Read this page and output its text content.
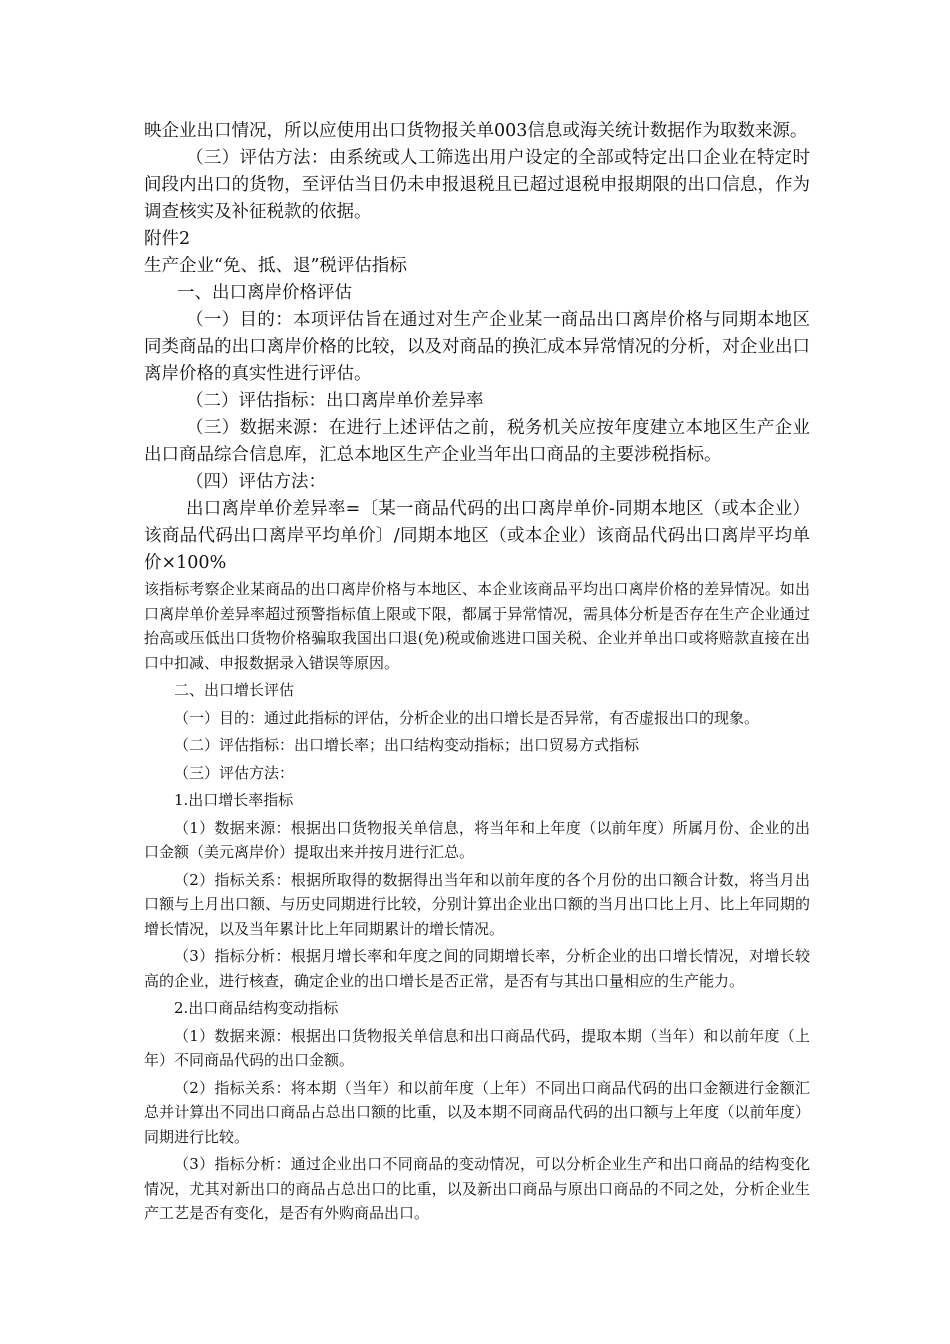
映企业出口情况，所以应使用出口货物报关单003信息或海关统计数据作为取数来源。

（三）评估方法：由系统或人工筛选出用户设定的全部或特定出口企业在特定时间段内出口的货物，至评估当日仍未申报退税且已超过退税申报期限的出口信息，作为调查核实及补征税款的依据。

附件2

生产企业“免、抵、退”税评估指标

一、出口离岸价格评估

（一）目的：本项评估旨在通过对生产企业某一商品出口离岸价格与同期本地区同类商品的出口离岸价格的比较，以及对商品的换汇成本异常情况的分析，对企业出口离岸价格的真实性进行评估。

（二）评估指标：出口离岸单价差异率

（三）数据来源：在进行上述评估之前，税务机关应按年度建立本地区生产企业出口商品综合信息库，汇总本地区生产企业当年出口商品的主要涉税指标。

（四）评估方法：

出口离岸单价差异率=〔某一商品代码的出口离岸单价-同期本地区（或本企业）该商品代码出口离岸平均单价〕/同期本地区（或本企业）该商品代码出口离岸平均单价×100%

该指标考察企业某商品的出口离岸价格与本地区、本企业该商品平均出口离岸价格的差异情况。如出口离岸单价差异率超过预警指标值上限或下限，都属于异常情况，需具体分析是否存在生产企业通过抬高或压低出口货物价格骗取我国出口退(免)税或偷逃进口国关税、企业并单出口或将赔款直接在出口中扣减、申报数据录入错误等原因。

二、出口增长评估

（一）目的：通过此指标的评估，分析企业的出口增长是否异常，有否虚报出口的现象。

（二）评估指标：出口增长率；出口结构变动指标；出口贸易方式指标

（三）评估方法：

1.出口增长率指标

（1）数据来源：根据出口货物报关单信息，将当年和上年度（以前年度）所属月份、企业的出口金额（美元离岸价）提取出来并按月进行汇总。

（2）指标关系：根据所取得的数据得出当年和以前年度的各个月份的出口额合计数，将当月出口额与上月出口额、与历史同期进行比较，分别计算出企业出口额的当月出口比上月、比上年同期的增长情况，以及当年累计比上年同期累计的增长情况。

（3）指标分析：根据月增长率和年度之间的同期增长率，分析企业的出口增长情况，对增长较高的企业，进行核查，确定企业的出口增长是否正常，是否有与其出口量相应的生产能力。

2.出口商品结构变动指标

（1）数据来源：根据出口货物报关单信息和出口商品代码，提取本期（当年）和以前年度（上年）不同商品代码的出口金额。

（2）指标关系：将本期（当年）和以前年度（上年）不同出口商品代码的出口金额进行金额汇总并计算出不同出口商品占总出口额的比重，以及本期不同商品代码的出口额与上年度（以前年度）同期进行比较。

（3）指标分析：通过企业出口不同商品的变动情况，可以分析企业生产和出口商品的结构变化情况，尤其对新出口的商品占总出口的比重，以及新出口商品与原出口商品的不同之处，分析企业生产工艺是否有变化，是否有外购商品出口。
